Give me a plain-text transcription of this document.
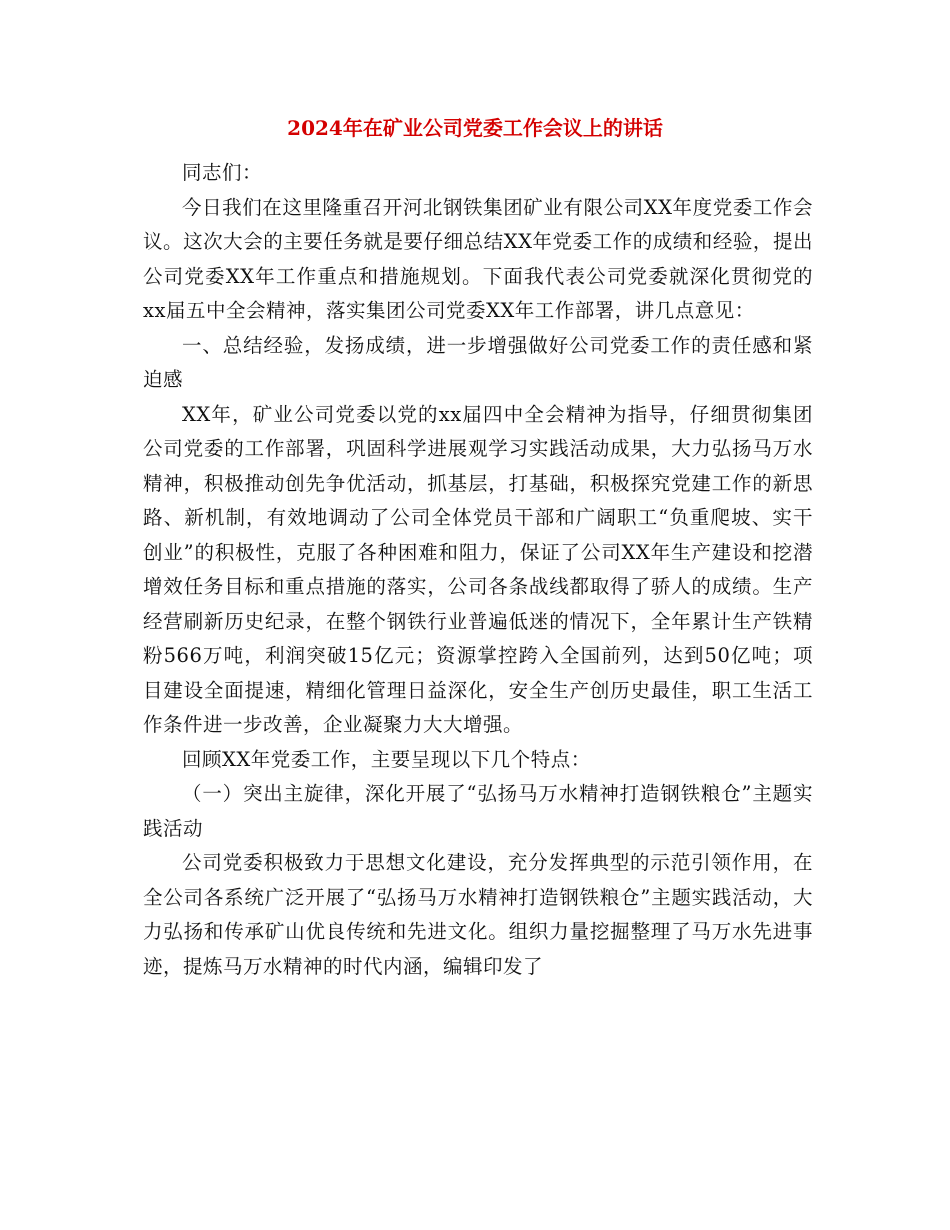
2024年在矿业公司党委工作会议上的讲话

同志们：

今日我们在这里隆重召开河北钢铁集团矿业有限公司XX年度党委工作会议。这次大会的主要任务就是要仔细总结XX年党委工作的成绩和经验，提出公司党委XX年工作重点和措施规划。下面我代表公司党委就深化贯彻党的xx届五中全会精神，落实集团公司党委XX年工作部署，讲几点意见：

一、总结经验，发扬成绩，进一步增强做好公司党委工作的责任感和紧迫感

XX年，矿业公司党委以党的xx届四中全会精神为指导，仔细贯彻集团公司党委的工作部署，巩固科学进展观学习实践活动成果，大力弘扬马万水精神，积极推动创先争优活动，抓基层，打基础，积极探究党建工作的新思路、新机制，有效地调动了公司全体党员干部和广阔职工“负重爬坡、实干创业”的积极性，克服了各种困难和阻力，保证了公司XX年生产建设和挖潜增效任务目标和重点措施的落实，公司各条战线都取得了骄人的成绩。生产经营刷新历史纪录，在整个钢铁行业普遍低迷的情况下，全年累计生产铁精粉566万吨，利润突破15亿元；资源掌控跨入全国前列，达到50亿吨；项目建设全面提速，精细化管理日益深化，安全生产创历史最佳，职工生活工作条件进一步改善，企业凝聚力大大增强。

回顾XX年党委工作，主要呈现以下几个特点：

（一）突出主旋律，深化开展了“弘扬马万水精神打造钢铁粮仓”主题实践活动

公司党委积极致力于思想文化建设，充分发挥典型的示范引领作用，在全公司各系统广泛开展了“弘扬马万水精神打造钢铁粮仓”主题实践活动，大力弘扬和传承矿山优良传统和先进文化。组织力量挖掘整理了马万水先进事迹，提炼马万水精神的时代内涵，编辑印发了
